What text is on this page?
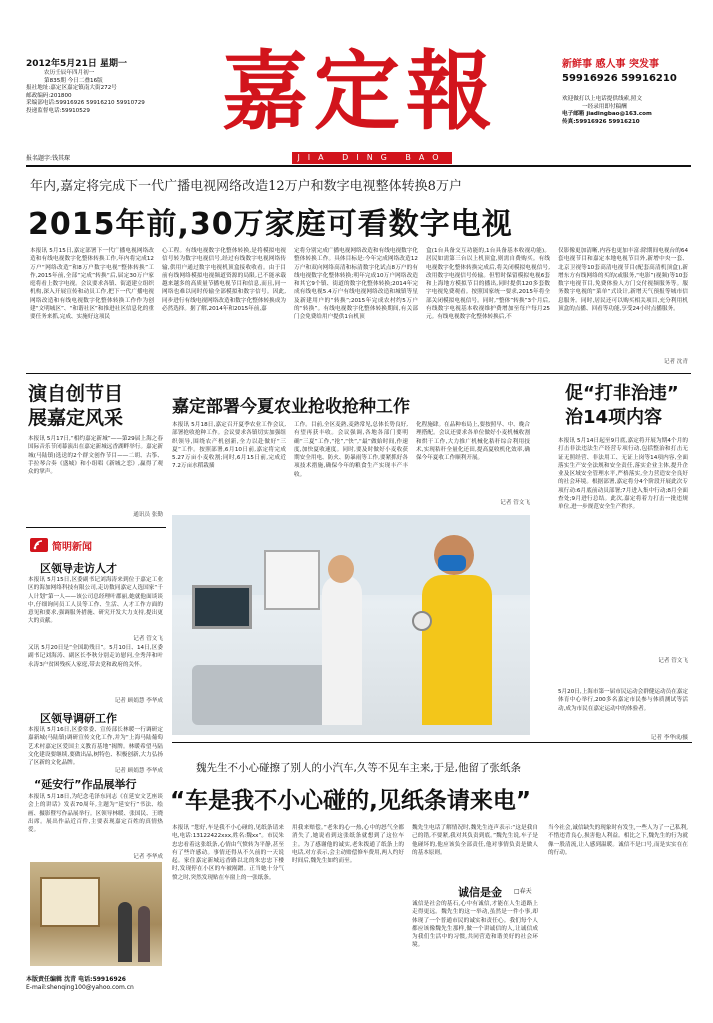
2012年5月21日 星期一
农历壬辰年四月初一
第835期 今日二叠16版
报社地址:嘉定区嘉定镇南大街272号
邮政编码:201800
采编部电话:59916926 59916210 59910729
投递监督电话:59910529	嘉定報
JIA DING BAO
新鲜事 感人事 突发事
59916926 59916210
欢迎做打以上电话提供线索,照文
一经录用即付稿酬
电子邮箱 jiadingbao@163.com
传真:59916926 59916210
报名题字:钱其琛
年内,嘉定将完成下一代广播电视网络改造12万户和数字电视整体转换8万户
2015年前,30万家庭可看数字电视
本报讯 5月15日,嘉定部署下一代广播电视网络改造和有线电视数字化整体转换工作,年内将完成12万户“网络改造”和8万户数字电视“整体转换”工作,2015年前,全部“完成”转换“后,届定30万户家庭将看上数字电视。会议要求各镇、街道建立组织机构,深入开展宣传和动员工作,把下一代广播电视网络改造和有线电视数字化整体转换工作作为创建“文明城区”、“和谐社区”和推进社区信息化的重要任务来抓,完成、实施好这项民
心工程。有线电视数字化整体转换,是将模拟电视信号转为数字电视信号,经过有线数字电视网络传输,供用户通过数字电视机顶盒接收收看。由于目前有线网络模拟电视频道资源的局限,已不能承载越来越多的高质量节播电视节目和信息,而且,同一网络也难以同时传输全部模拟和数字信号。因此,同步进行有线电视网络改造和数字化整体转换成为必然选择。据了解,2014年和2015年前,嘉
定将分别完成广播电视网络改造和有线电视数字化整体转换工作。具体目标是:今年完成网络改造12万户和双向网络高清和标清数字化试点8万户的有线电视数字化整体转换;明年完成10万户网络改造和其它9个镇、街道的数字化整体转换;2014年完成有线电视5.4万户有线电视网络改造和城镇等星及新建用户的“转换”;2015年完成农村约5万户的“转换”。有线电视数字化整体转换期间,有关部门会免费给用户提供1台机顶
盒(1台具备交互功能的,1台具备基本收视功能)。居民如需第三台以上机顶盒,则需自费购买。有线电视数字化整体转换完成后,将关闭模拟电视信号,改用数字电视信号传输。但暂时保留模拟电视6套和上海地方模拟节目的播出,同时提供120多套数字电视免费观看。按照国家统一要求,2015年将全部关闭模拟电视信号。同时,“整体”转换”3个月后,有线数字电视基本收视维护费增加至每户每月25元。有线电视数字化整体转换后,不
仅影像更加清晰,内容也更加丰富:除期间电视台的64套电视节目和嘉定本地电视节目外,新增中央一套、北京卫视等10套高清电视节目(配套高清机顶盒),新增东方有线网络的买的(或服务,“电影”(视频)等10套数字电视节目,免费体验人方门交付视频服务等。服务数字电视的“菜单”式设计,新增天气预报等城市信息服务。同时,居民还可以购买相关项目,充分利用机顶盒的点播、回看等功能,享受24小时点播服务。
记者 沈青
演自创节目
展嘉定风采
本报讯 5月17日,“相约嘉定新城”——第29届上海之春国际音乐节闭幕演出在嘉定新城远香湖畔举行。嘉定新城(马陆镇)选送的2个群文创作节目——二胡、古筝、手拉琴合奏《盛城》和小组唱《新城之恋》,赢得了观众的掌声。
通讯员 张勤
简明新闻
区领导走访人才
本报讯 5月15日,区委副书记刘海涛来到位于嘉定工业区的海加网络科技有限公司,走访数同嘉定人选国家“千人计划”第一人——该公司总经理叶郡丽,她就他面谈谈中,仔细询问员工人员等工作、生活、人才工作方面的意见和要求,强调服务措施、研究开发大力支持,提出更大的贡献。
记者 管文飞
又讯 5月20日是“全国助残日”。5月10日、14日,区委副书记刘海涛、副区长李秋分别走访慰问,全秀萍和叶永涛3户贫困残疾人家庭,带去党和政府的关怀。
记者 顾娟慧 李华成
区领导调研工作
本报讯 5月16日,区委常委、宣传部长林暖一行调研定嘉新城(马陆镇)调研宣传文化工作,并为“上海马陆葡萄艺术村嘉定区爱国主义教育基地”揭牌。林暖希望马陆文化建设要继续,要做出品,树特色、积极创新,大力弘扬了区新的文化品牌。
记者 顾娟慧 李华成
“延安行”作品展举行
本报讯 5月18日,为纪念毛泽东同志《在延安文艺座谈会上的讲话》发表70周年,主题为“延安行”书法、绘画、摄影暨写作品展举行。区领导林暖、张国民、王晓出席。展出作品近百件,主要表现嘉定百姓的真情热爱。
记者 李华成
本版责任编辑 沈青 电话:59916926
E-mail:shenqing100@yahoo.com.cn
嘉定部署今夏农业抢收抢种工作
本报讯 5月18日,嘉定召开夏季农业工作会议,部署抢收抢种工作。会议要求各镇切实加强组织领导,围绕农产机创新,全力以赴做好“三夏”工作。按照部署,6月10日前,嘉定将完成5.27万亩小麦收割;同时,6月15日前,完成近7.2万亩水稻栽插
工作。目前,全区麦熟,麦熟常见,总体长势良好,有望再获丰收。会议强调,各地各部门要明确“三夏”工作,“抢”,“快”,“最”做始时间,作速度,加快夏收速度。同时,要及时做好小麦收获期安全用电、防火、防暴雨等工作,要紧抓好各项技术措施,确保今年的粮食生产实现丰产丰收。
化程施肆。在品种布局上,要按照早、中、晚合理搭配。会议还要求各单位做好小麦机械收割和烘干工作,大力推广机械化秸秆综合利用技术,实现秸秆全量化还田,提高夏收机化效率,确保今年夏收工作顺利开展。
记者 管文飞
促“打非治违”
治14项内容
本报讯 5月14日起至9月底,嘉定将开展为期4个月的打击非法违法生产经营专项行动,包括整治和打击无证无照经营、非法用工、无证上岗等14项内容,全面落实生产安全法规和安全责任,落实企业主体,提升企业及区域安全管理水平,严格落实,全力营造安全良好的社会环境。根据部署,嘉定将分4个阶段开展此次专项行动:6月底前动员部署;7月进入集中行动;8月全面查处;9月进行总结。此次,嘉定将着力打击一批违规单位,进一步规范安全生产秩序。
记者 管文飞
5月20日,上海市第一届市民运动会群健运动员在嘉定体育中心举行,200多名嘉定市民参与体质测试等活动,成为市民在嘉定运动中的体验者。
记者 李华成/摄
魏先生不小心碰擦了别人的小汽车,久等不见车主来,于是,他留了张纸条
“车是我不小心碰的,见纸条请来电”
本报讯 “您好,车是我不小心碰的,见纸条请来电,电话:13122422xxx,姓名:魏xx”。市民朱忠忠看着这张纸条,心情由气愤转为平静,甚至有了些许感动。事情还得从不久前的一天说起。家住嘉定新城远香路以北的朱忠忠下楼时,发现停在小区的车被剐蹭。正当她十分气愤之时,突然发现贴在车窗上的一张纸条。
用我来赔偿。”老朱的心一热,心中的怒气全都消失了,她说看到这张纸条就想到了这位车主。为了感谢他的诚实,老朱拨通了纸条上的电话,对方表示,会主动赔偿修车费用,两人约好时间后,魏先生如约而至。
魏先生电话了解情况时,魏先生连声表示:“这是我自己的错,不要紧,我对其负责到底。”魏先生说,车子是他碰坏的,他应该负全部责任,他对事情负责是做人的基本原则。
诚信是金 □春天
诚信是社会的基石,心中有诚信,才能在人生道路上走得更远。魏先生的这一举动,虽然是一件小事,却体现了一个普通市民的诚实和责任心。我们每个人都应该像魏先生那样,做一个讲诚信的人,让诚信成为我们生活中的习惯,共同营造和谐美好的社会环境。
当今社会,诚信缺失的现象时有发生,一些人为了一己私利,不惜违背良心,损害他人利益。相比之下,魏先生的行为就像一股清流,让人感到温暖。诚信不是口号,而是实实在在的行动。
